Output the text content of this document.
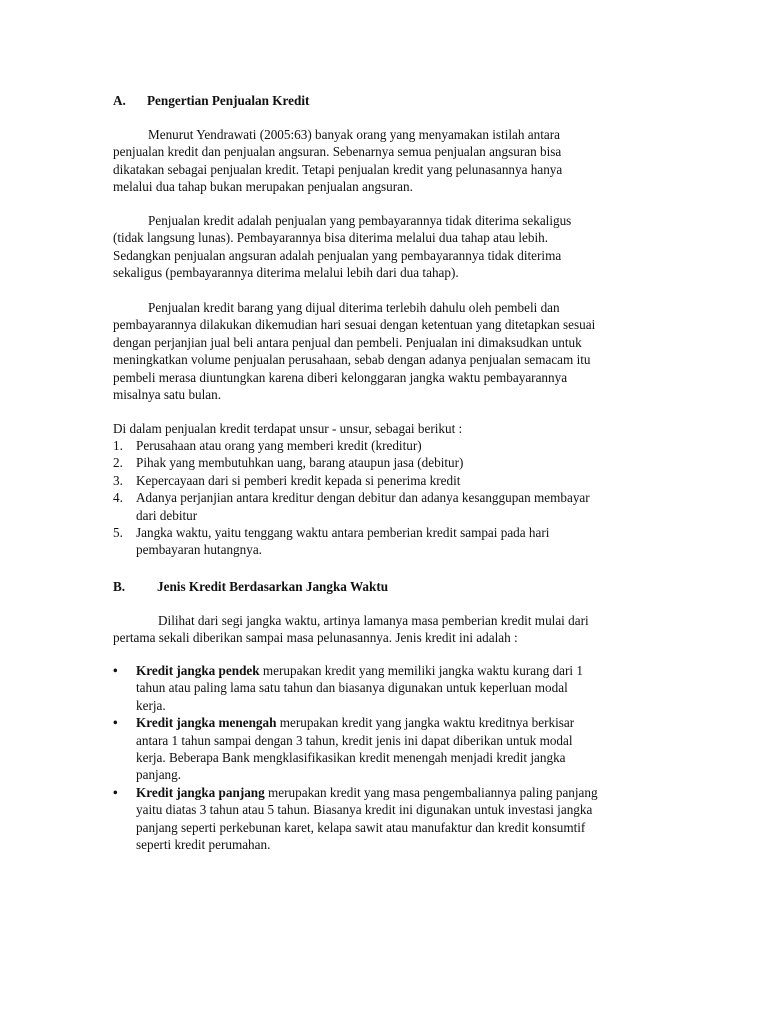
A. Pengertian Penjualan Kredit
Menurut Yendrawati (2005:63) banyak orang yang menyamakan istilah antara
penjualan kredit dan penjualan angsuran. Sebenarnya semua penjualan angsuran bisa
dikatakan sebagai penjualan kredit. Tetapi penjualan kredit yang pelunasannya hanya
melalui dua tahap bukan merupakan penjualan angsuran.
Penjualan kredit adalah penjualan yang pembayarannya tidak diterima sekaligus
(tidak langsung lunas). Pembayarannya bisa diterima melalui dua tahap atau lebih.
Sedangkan penjualan angsuran adalah penjualan yang pembayarannya tidak diterima
sekaligus (pembayarannya diterima melalui lebih dari dua tahap).
Penjualan kredit barang yang dijual diterima terlebih dahulu oleh pembeli dan
pembayarannya dilakukan dikemudian hari sesuai dengan ketentuan yang ditetapkan sesuai
dengan perjanjian jual beli antara penjual dan pembeli. Penjualan ini dimaksudkan untuk
meningkatkan volume penjualan perusahaan, sebab dengan adanya penjualan semacam itu
pembeli merasa diuntungkan karena diberi kelonggaran jangka waktu pembayarannya
misalnya satu bulan.
Di dalam penjualan kredit terdapat unsur - unsur, sebagai berikut :
1. Perusahaan atau orang yang memberi kredit (kreditur)
2. Pihak yang membutuhkan uang, barang ataupun jasa (debitur)
3. Kepercayaan dari si pemberi kredit kepada si penerima kredit
4. Adanya perjanjian antara kreditur dengan debitur dan adanya kesanggupan membayar
dari debitur
5. Jangka waktu, yaitu tenggang waktu antara pemberian kredit sampai pada hari
pembayaran hutangnya.
B. Jenis Kredit Berdasarkan Jangka Waktu
Dilihat dari segi jangka waktu, artinya lamanya masa pemberian kredit mulai dari
pertama sekali diberikan sampai masa pelunasannya. Jenis kredit ini adalah :
• Kredit jangka pendek merupakan kredit yang memiliki jangka waktu kurang dari 1
tahun atau paling lama satu tahun dan biasanya digunakan untuk keperluan modal
kerja.
• Kredit jangka menengah merupakan kredit yang jangka waktu kreditnya berkisar
antara 1 tahun sampai dengan 3 tahun, kredit jenis ini dapat diberikan untuk modal
kerja. Beberapa Bank mengklasifikasikan kredit menengah menjadi kredit jangka
panjang.
• Kredit jangka panjang merupakan kredit yang masa pengembaliannya paling panjang
yaitu diatas 3 tahun atau 5 tahun. Biasanya kredit ini digunakan untuk investasi jangka
panjang seperti perkebunan karet, kelapa sawit atau manufaktur dan kredit konsumtif
seperti kredit perumahan.
